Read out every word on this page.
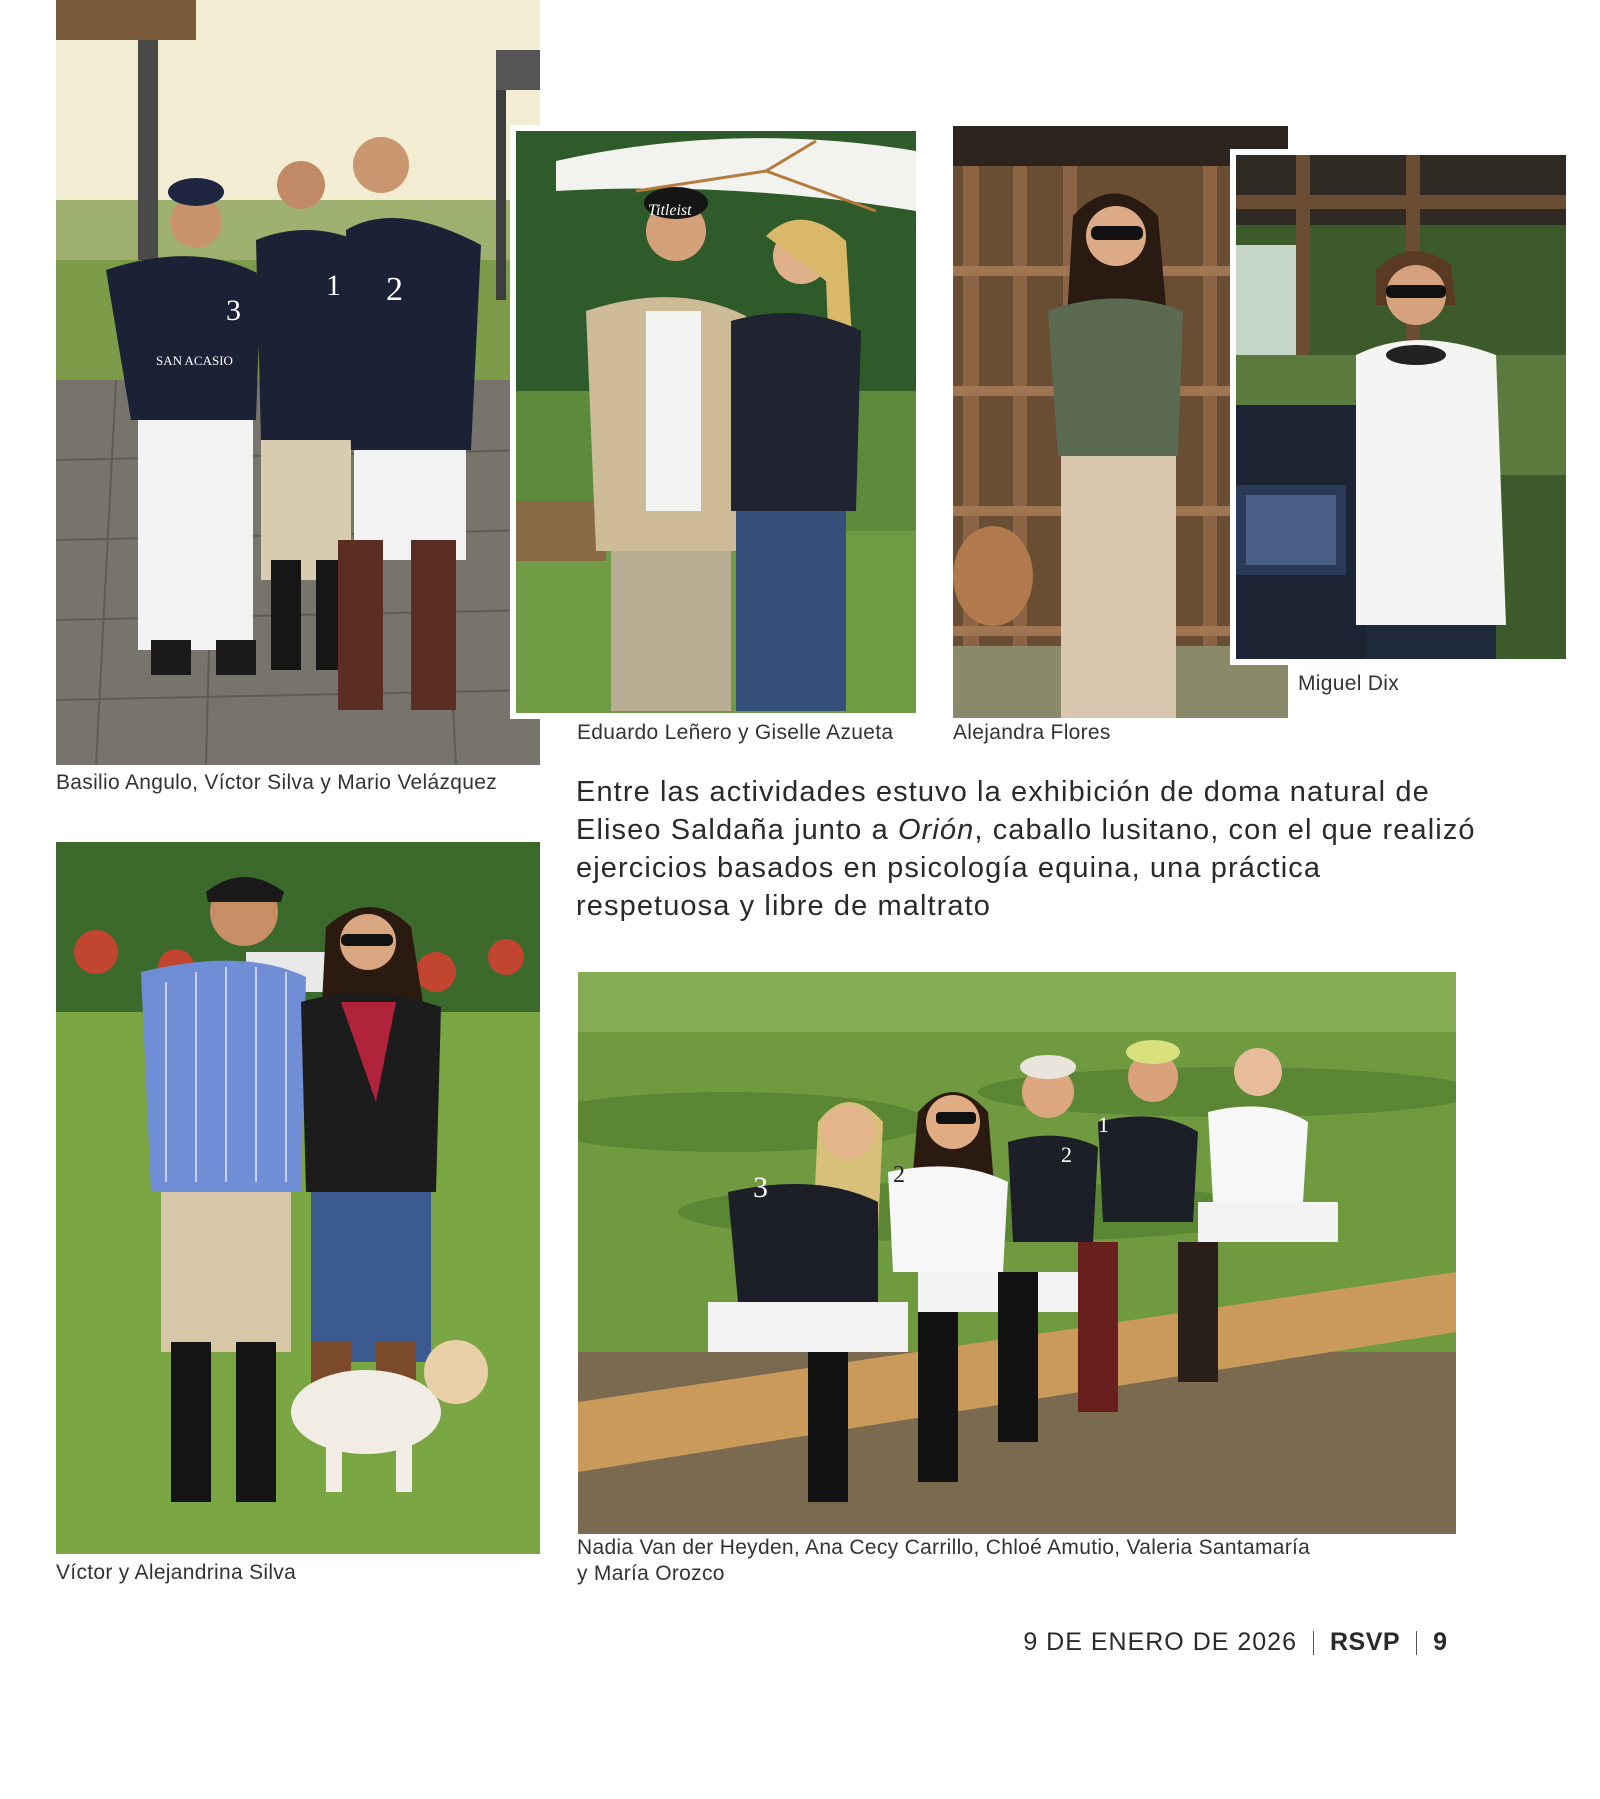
3
1 2
SAN ACASIO
Basilio Angulo, Víctor Silva y Mario Velázquez
Titleist
Eduardo Leñero y Giselle Azueta	Alejandra Flores
Miguel Dix
Entre las actividades estuvo la exhibición de doma natural de Eliseo Saldaña junto a Orión, caballo lusitano, con el que realizó ejercicios basados en psicología equina, una práctica respetuosa y libre de maltrato
Víctor y Alejandrina Silva
3	2
2
1
Nadia Van der Heyden, Ana Cecy Carrillo, Chloé Amutio, Valeria Santamaría
y María Orozco
9 DE ENERO DE 2026 RSVP 9
